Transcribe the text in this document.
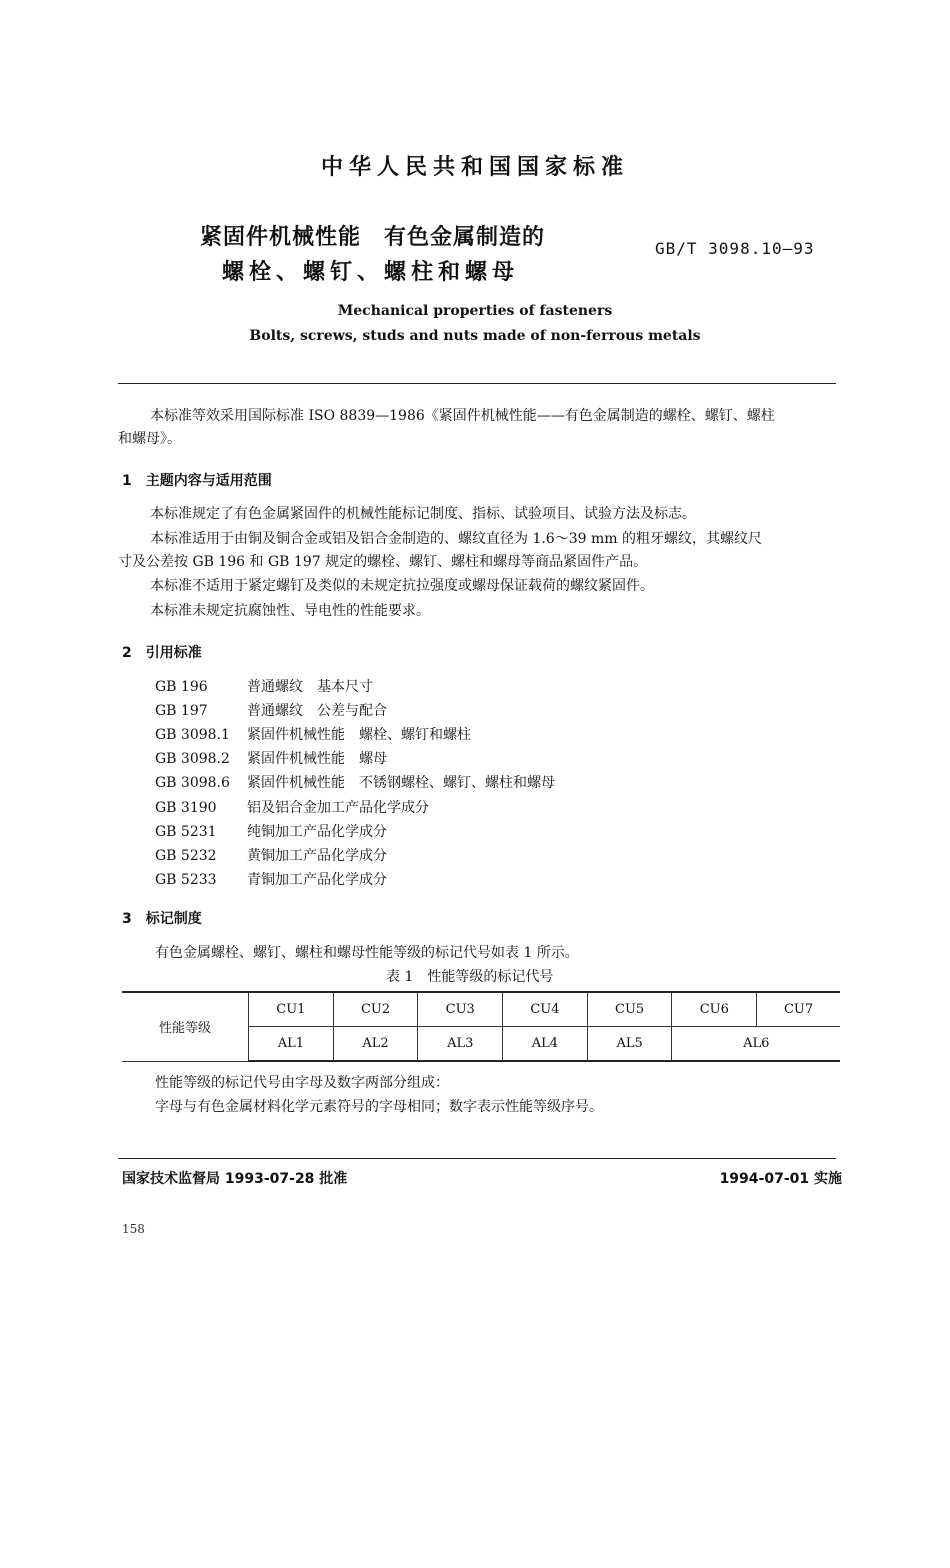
中华人民共和国国家标准
紧固件机械性能　有色金属制造的
螺栓、螺钉、螺柱和螺母
GB/T 3098.10—93
Mechanical properties of fasteners
Bolts, screws, studs and nuts made of non-ferrous metals
本标准等效采用国际标准 ISO 8839—1986《紧固件机械性能——有色金属制造的螺栓、螺钉、螺柱
和螺母》。
1　主题内容与适用范围
本标准规定了有色金属紧固件的机械性能标记制度、指标、试验项目、试验方法及标志。
本标准适用于由铜及铜合金或铝及铝合金制造的、螺纹直径为 1.6～39 mm 的粗牙螺纹，其螺纹尺
寸及公差按 GB 196 和 GB 197 规定的螺栓、螺钉、螺柱和螺母等商品紧固件产品。
本标准不适用于紧定螺钉及类似的未规定抗拉强度或螺母保证载荷的螺纹紧固件。
本标准未规定抗腐蚀性、导电性的性能要求。
2　引用标准
GB 196	普通螺纹　基本尺寸
GB 197	普通螺纹　公差与配合
GB 3098.1 紧固件机械性能　螺栓、螺钉和螺柱
GB 3098.2 紧固件机械性能　螺母
GB 3098.6 紧固件机械性能　不锈钢螺栓、螺钉、螺柱和螺母
GB 3190 铝及铝合金加工产品化学成分
GB 5231 纯铜加工产品化学成分
GB 5232 黄铜加工产品化学成分
GB 5233 青铜加工产品化学成分
3　标记制度
有色金属螺栓、螺钉、螺柱和螺母性能等级的标记代号如表 1 所示。
表 1　性能等级的标记代号
性能等级	CU1	CU2	CU3	CU4	CU5	CU6	CU7
	AL1	AL2	AL3	AL4	AL5	AL6	
性能等级的标记代号由字母及数字两部分组成：
字母与有色金属材料化学元素符号的字母相同；数字表示性能等级序号。
国家技术监督局 1993-07-28 批准	1994-07-01 实施
158
